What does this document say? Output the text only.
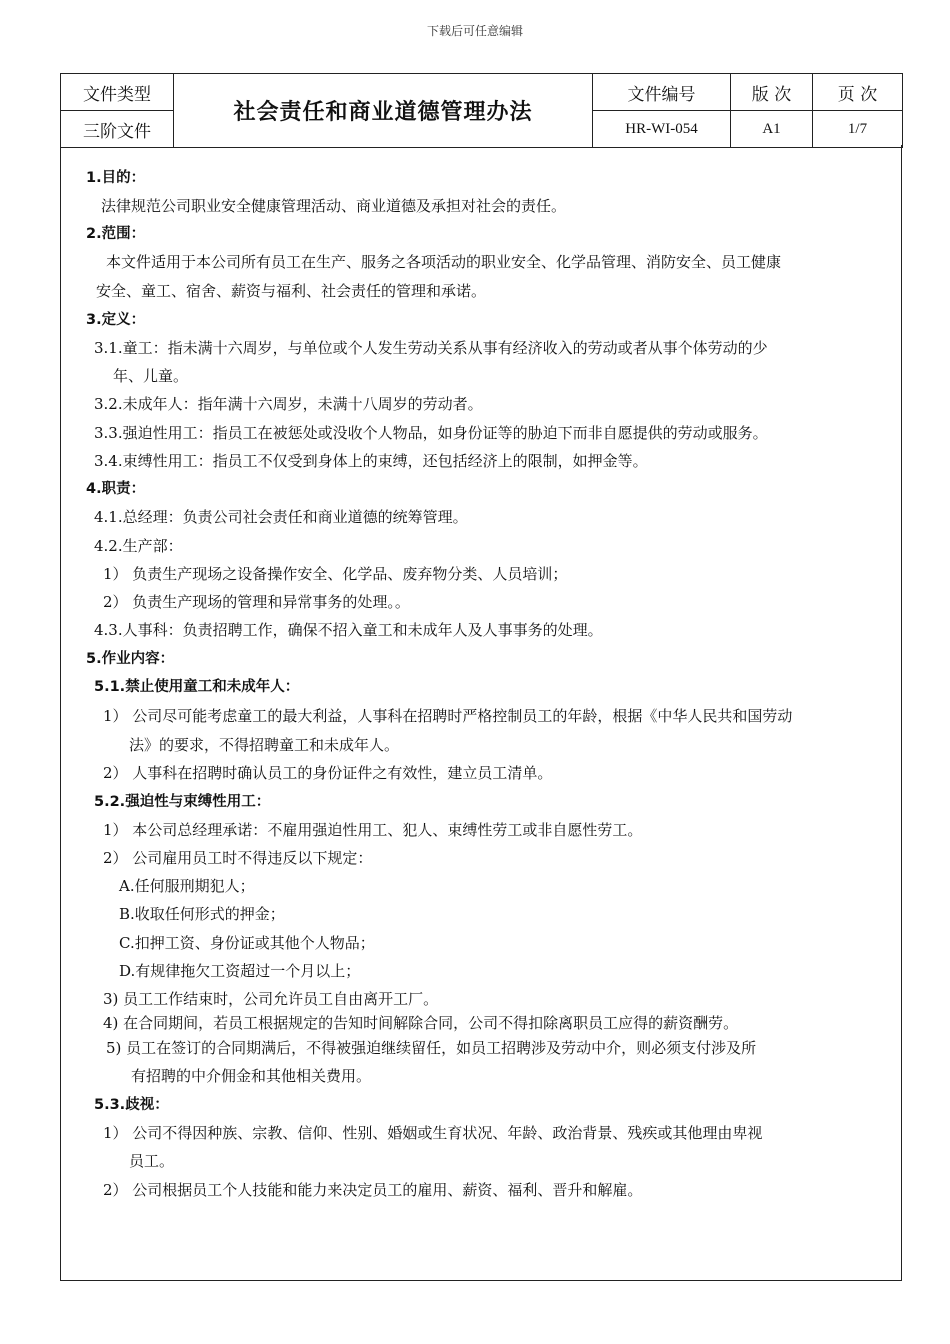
下载后可任意编辑
文件类型	社会责任和商业道德管理办法	文件编号	版 次	页 次
三阶文件		HR-WI-054	A1	1/7
1.目的：
法律规范公司职业安全健康管理活动、商业道德及承担对社会的责任。
2.范围：
本文件适用于本公司所有员工在生产、服务之各项活动的职业安全、化学品管理、消防安全、员工健康
安全、童工、宿舍、薪资与福利、社会责任的管理和承诺。
3.定义：
3.1.童工：指未满十六周岁，与单位或个人发生劳动关系从事有经济收入的劳动或者从事个体劳动的少
年、儿童。
3.2.未成年人：指年满十六周岁，未满十八周岁的劳动者。
3.3.强迫性用工：指员工在被惩处或没收个人物品，如身份证等的胁迫下而非自愿提供的劳动或服务。
3.4.束缚性用工：指员工不仅受到身体上的束缚，还包括经济上的限制，如押金等。
4.职责：
4.1.总经理：负责公司社会责任和商业道德的统筹管理。
4.2.生产部：
1） 负责生产现场之设备操作安全、化学品、废弃物分类、人员培训；
2） 负责生产现场的管理和异常事务的处理。。
4.3.人事科：负责招聘工作，确保不招入童工和未成年人及人事事务的处理。
5.作业内容：
5.1.禁止使用童工和未成年人：
1） 公司尽可能考虑童工的最大利益，人事科在招聘时严格控制员工的年龄，根据《中华人民共和国劳动
法》的要求，不得招聘童工和未成年人。
2） 人事科在招聘时确认员工的身份证件之有效性，建立员工清单。
5.2.强迫性与束缚性用工：
1） 本公司总经理承诺：不雇用强迫性用工、犯人、束缚性劳工或非自愿性劳工。
2） 公司雇用员工时不得违反以下规定：
A.任何服刑期犯人；
B.收取任何形式的押金；
C.扣押工资、身份证或其他个人物品；
D.有规律拖欠工资超过一个月以上；
3) 员工工作结束时，公司允许员工自由离开工厂。
4) 在合同期间，若员工根据规定的告知时间解除合同，公司不得扣除离职员工应得的薪资酬劳。
5) 员工在签订的合同期满后，不得被强迫继续留任，如员工招聘涉及劳动中介，则必须支付涉及所
有招聘的中介佣金和其他相关费用。
5.3.歧视：
1） 公司不得因种族、宗教、信仰、性别、婚姻或生育状况、年龄、政治背景、残疾或其他理由卑视
员工。
2） 公司根据员工个人技能和能力来决定员工的雇用、薪资、福利、晋升和解雇。
